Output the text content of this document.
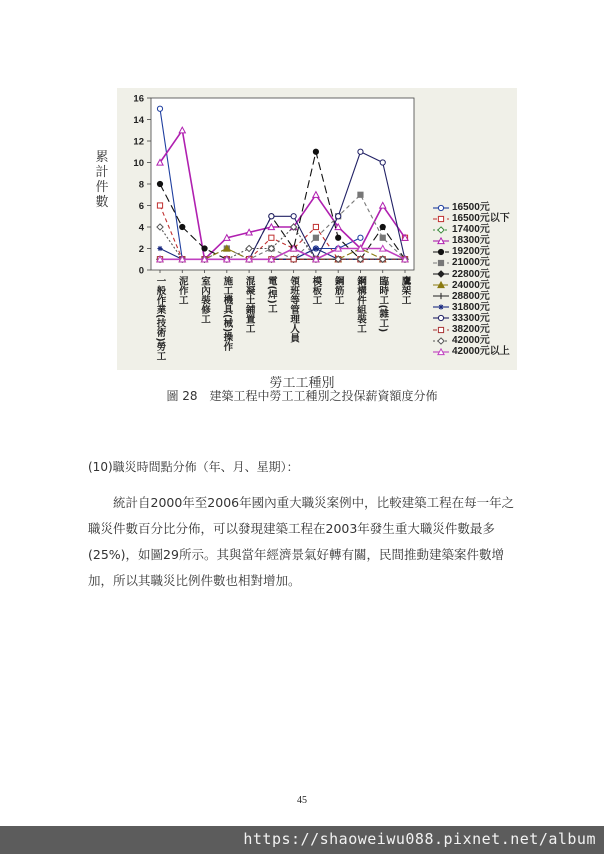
0
2
4
6
8
10
12
14
16
一般作業(技術)勞工 泥作工 室內裝修工 施工機具(械)操作 混凝土鋪置工 電(焊)工 領班等管理人員 模板工 鋼筋工 鋼構件組裝工 臨時工(雜工) 鷹架工
累
計
件
數	16500元
16500元以下
17400元
18300元
19200元
21000元
22800元
24000元
28800元
31800元
33300元
38200元
42000元
42000元以上
勞工工種別
圖 28　建築工程中勞工工種別之投保薪資額度分佈
(10)職災時間點分佈（年、月、星期）：
統計自2000年至2006年國內重大職災案例中，比較建築工程在每一年之職災件數百分比分佈，可以發現建築工程在2003年發生重大職災件數最多(25%)，如圖29所示。其與當年經濟景氣好轉有關，民間推動建築案件數增加，所以其職災比例件數也相對增加。
45
https://shaoweiwu088.pixnet.net/album
